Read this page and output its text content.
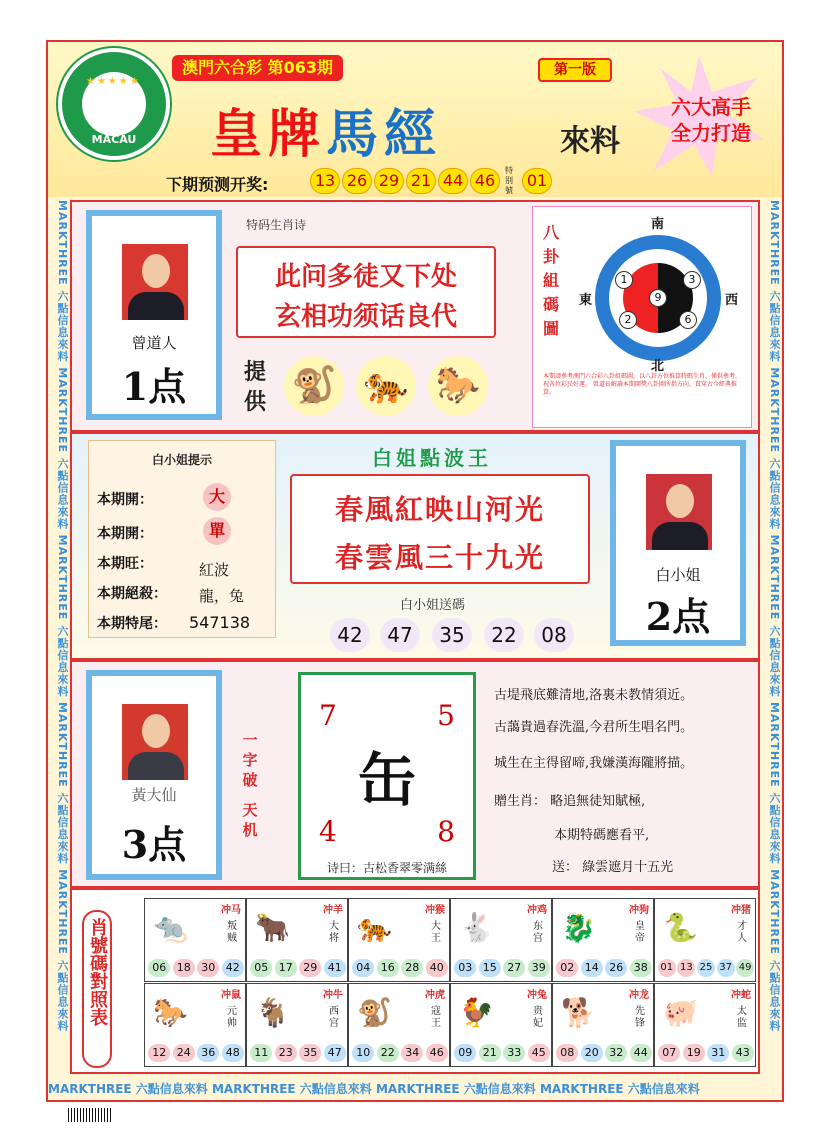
★★★★★
MACAU
澳門六合彩 第063期	第一版
皇牌馬經	來料
六大高手
全力打造
下期预测开奖:	13 26 29 21 44 46
特别號
01
MARKTHREE 六點信息來料 MARKTHREE 六點信息來料 MARKTHREE 六點信息來料 MARKTHREE 六點信息來料 MARKTHREE 六點信息來料	MARKTHREE 六點信息來料 MARKTHREE 六點信息來料 MARKTHREE 六點信息來料 MARKTHREE 六點信息來料 MARKTHREE 六點信息來料
曾道人
1点
特码生肖诗
此问多徒又下处
玄相功须话良代
提供 🐒 🐅 🐎
八卦組碼圖
1	3
9
2	6
南
北
東	西
本期請參考澳門六合彩八卦組碼圖，以八卦方位推算特碼生肖，僅供參考，祝各位彩民好運。 曾道長解讀本期開獎八卦圖所指方向，貫穿古今經典推算。
白小姐提示
本期開：	大
本期開：	單
本期旺：	紅波
本期絕殺： 龍，兔
本期特尾： 547138
白姐點波王
春風紅映山河光
春雲風三十九光
白小姐送碼
42	47	35	22	08
白小姐
2点
黃大仙
3点
一字破
天机
7	5
4	8
缶
诗曰：古松香翠零满絲
古堤飛底難清地,洛裏未教情須近。
古藹貴過春洗溫,今君所生唱名門。
城生在主得留啼,我嫌漢海隴將描。
贈生肖： 略追無徒知賦極,
本期特碼應看平,
送： 綠雲遮月十五光
肖號碼對照表
冲马
🐀	叛贼
06 18 30 42
冲羊
🐂	大将
05 17 29 41
冲猴
🐅	大王
04 16 28 40
冲鸡
🐇	东宫
03 15 27 39
冲狗
🐉	皇帝
02 14 26 38
冲猪
🐍	才人
01 13 25 37 49
冲鼠
🐎	元帅
12 24 36 48
冲牛
🐐	西宫
11 23 35 47
冲虎
🐒	寇王
10 22 34 46
冲兔
🐓	贵妃
09 21 33 45
冲龙
🐕	先锋
08 20 32 44
冲蛇
🐖	太监
07 19 31 43
MARKTHREE 六點信息來料 MARKTHREE 六點信息來料 MARKTHREE 六點信息來料 MARKTHREE 六點信息來料
